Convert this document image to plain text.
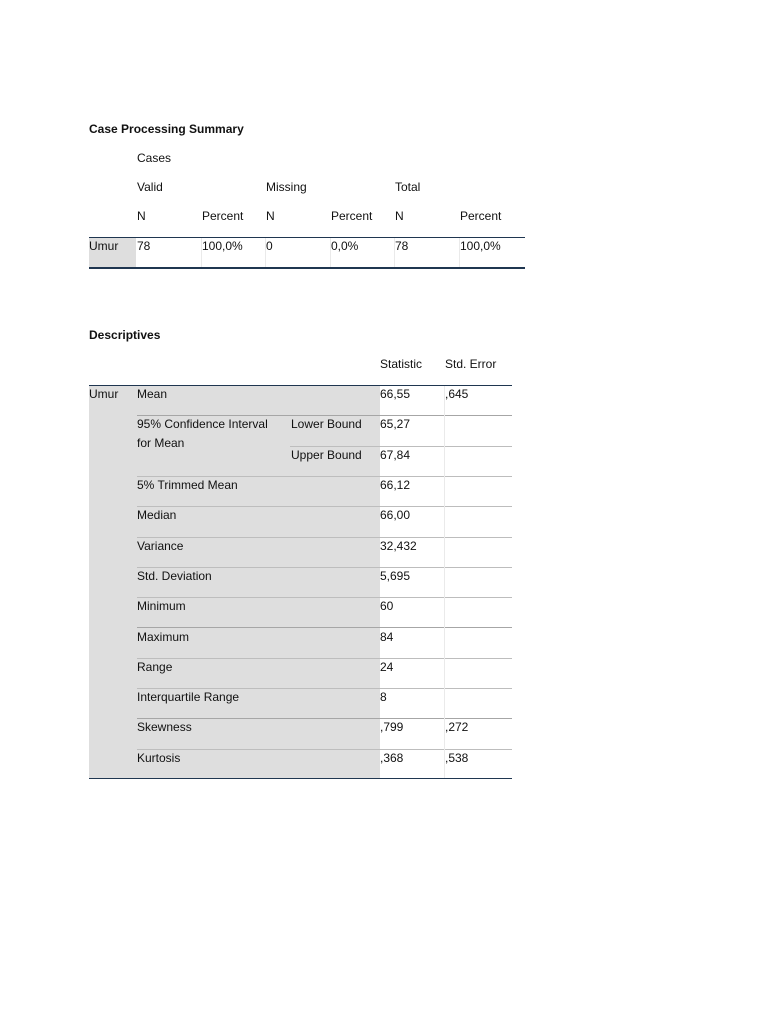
Case Processing Summary
Cases
Valid	Missing	Total
N	Percent N	Percent N	Percent
Umur 78	100,0% 0	0,0%	78	100,0%
Descriptives
Statistic Std. Error
Umur Mean	66,55	,645
95% Confidence Interval
for Mean
Lower Bound 65,27
Upper Bound 67,84
5% Trimmed Mean	66,12
Median	66,00
Variance	32,432
Std. Deviation	5,695
Minimum	60
Maximum	84
Range	24
Interquartile Range	8
Skewness	,799	,272
Kurtosis	,368	,538
